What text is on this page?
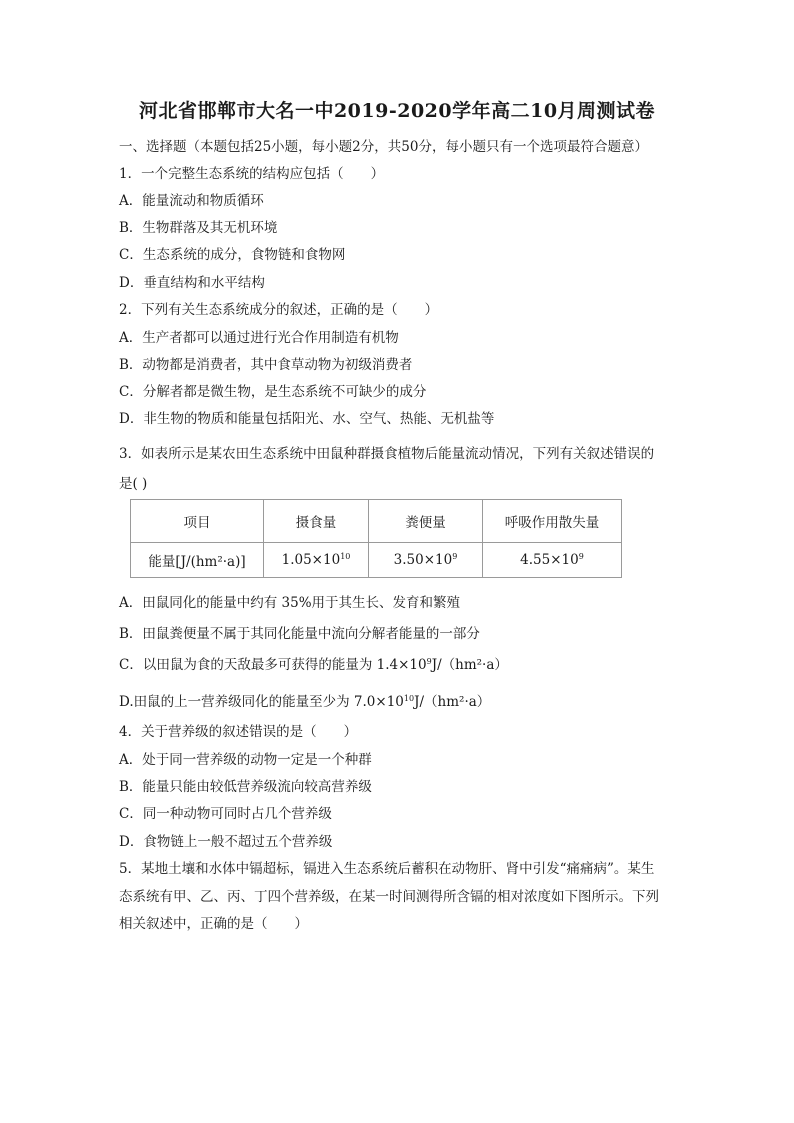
河北省邯郸市大名一中2019-2020学年高二10月周测试卷
一、选择题（本题包括25小题，每小题2分，共50分，每小题只有一个选项最符合题意）
1．一个完整生态系统的结构应包括（　　）
A．能量流动和物质循环
B．生物群落及其无机环境
C．生态系统的成分，食物链和食物网
D．垂直结构和水平结构
2．下列有关生态系统成分的叙述，正确的是（　　）
A．生产者都可以通过进行光合作用制造有机物
B．动物都是消费者，其中食草动物为初级消费者
C．分解者都是微生物，是生态系统不可缺少的成分
D．非生物的物质和能量包括阳光、水、空气、热能、无机盐等
3．如表所示是某农田生态系统中田鼠种群摄食植物后能量流动情况，下列有关叙述错误的
是( )
项目	摄食量	粪便量	呼吸作用散失量
能量[J/(hm²·a)]	$1.05\times 10^{10}$	$3.50\times 10^9$	$4.55\times 10^9$
A．田鼠同化的能量中约有 35%用于其生长、发育和繁殖
B．田鼠粪便量不属于其同化能量中流向分解者能量的一部分
C．以田鼠为食的天敌最多可获得的能量为 $1.4\times 10^9J/(hm^2\cdot a)$
D.田鼠的上一营养级同化的能量至少为 $7.0\times 10^{10}J/(hm^2\cdot a)$
4．关于营养级的叙述错误的是（　　）
A．处于同一营养级的动物一定是一个种群
B．能量只能由较低营养级流向较高营养级
C．同一种动物可同时占几个营养级
D．食物链上一般不超过五个营养级
5．某地土壤和水体中镉超标，镉进入生态系统后蓄积在动物肝、肾中引发“痛痛病”。某生
态系统有甲、乙、丙、丁四个营养级，在某一时间测得所含镉的相对浓度如下图所示。下列
相关叙述中，正确的是（　　）
